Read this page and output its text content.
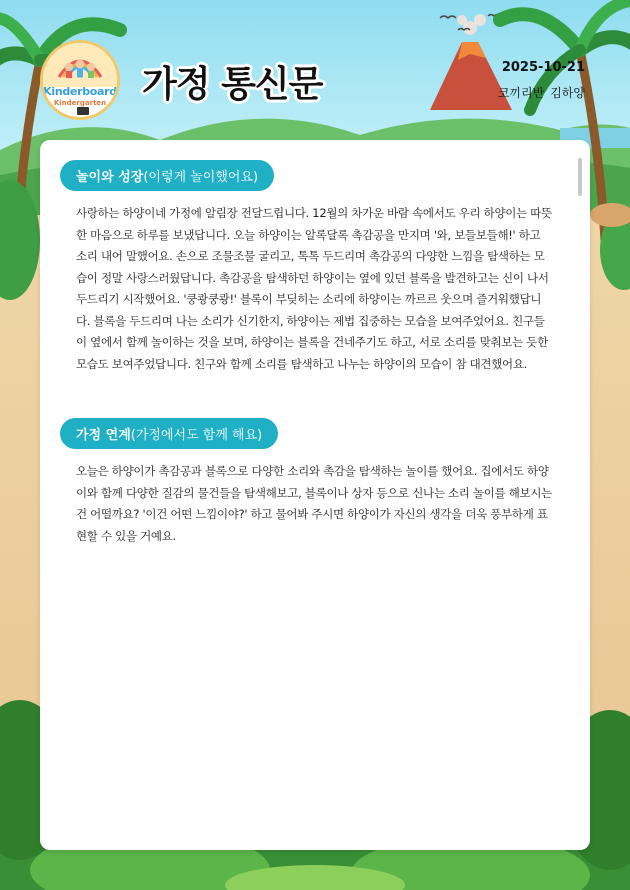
Kinderboard
Kindergarten 가정 통신문	2025-10-21
코끼리반 김하양
놀이와 성장(이렇게 놀이했어요)
사랑하는 하양이네 가정에 알림장 전달드립니다. 12월의 차가운 바람 속에서도 우리 하양이는 따뜻한 마음으로 하루를 보냈답니다. 오늘 하양이는 알록달록 촉감공을 만지며 '와, 보들보들해!' 하고 소리 내어 말했어요. 손으로 조물조물 굴리고, 톡톡 두드리며 촉감공의 다양한 느낌을 탐색하는 모습이 정말 사랑스러웠답니다. 촉감공을 탐색하던 하양이는 옆에 있던 블록을 발견하고는 신이 나서 두드리기 시작했어요. '쿵쾅쿵쾅!' 블록이 부딪히는 소리에 하양이는 까르르 웃으며 즐거워했답니다. 블록을 두드리며 나는 소리가 신기한지, 하양이는 제법 집중하는 모습을 보여주었어요. 친구들이 옆에서 함께 놀이하는 것을 보며, 하양이는 블록을 건네주기도 하고, 서로 소리를 맞춰보는 듯한 모습도 보여주었답니다. 친구와 함께 소리를 탐색하고 나누는 하양이의 모습이 참 대견했어요.
가정 연계(가정에서도 함께 해요)
오늘은 하양이가 촉감공과 블록으로 다양한 소리와 촉감을 탐색하는 놀이를 했어요. 집에서도 하양이와 함께 다양한 질감의 물건들을 탐색해보고, 블록이나 상자 등으로 신나는 소리 놀이를 해보시는 건 어떨까요? '이건 어떤 느낌이야?' 하고 물어봐 주시면 하양이가 자신의 생각을 더욱 풍부하게 표현할 수 있을 거예요.
